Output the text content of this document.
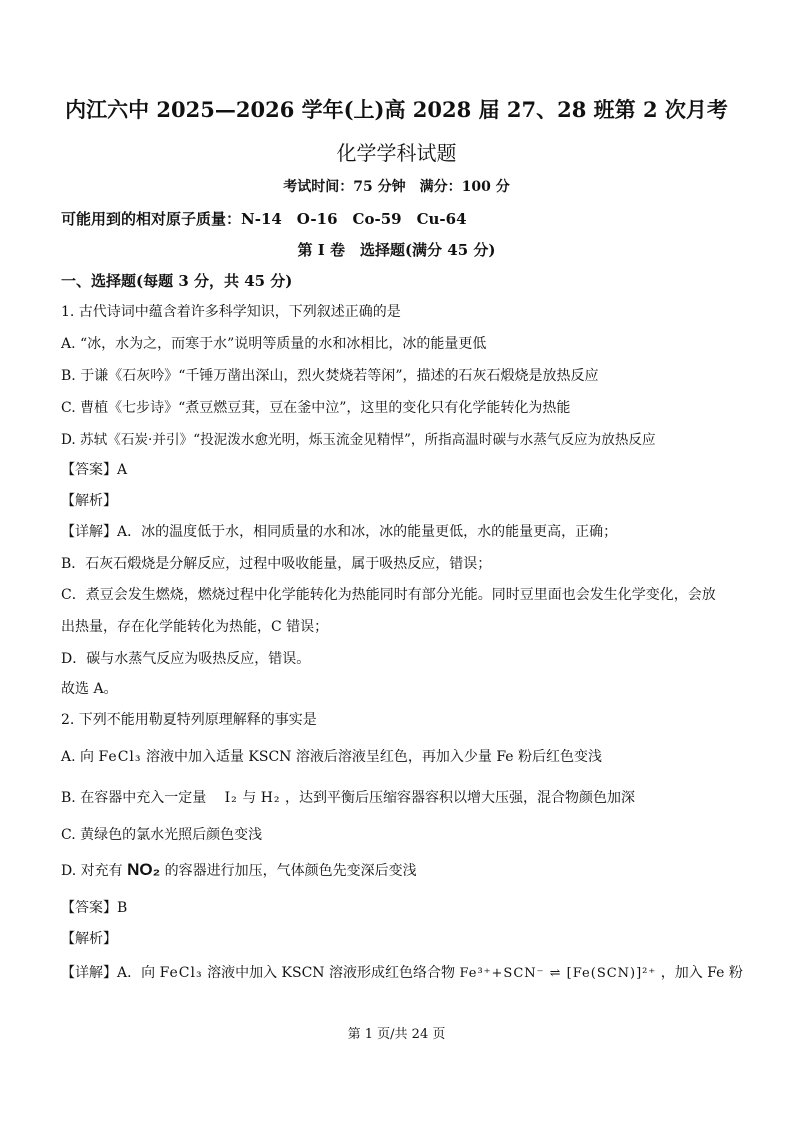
内江六中 2025—2026 学年(上)高 2028 届 27、28 班第 2 次月考
化学学科试题
考试时间：75 分钟　满分：100 分
可能用到的相对原子质量：N-14　O-16　Co-59　Cu-64
第 I 卷　选择题(满分 45 分)
一、选择题(每题 3 分，共 45 分)
1. 古代诗词中蕴含着许多科学知识，下列叙述正确的是
A. “冰，水为之，而寒于水”说明等质量的水和冰相比，冰的能量更低
B. 于谦《石灰吟》“千锤万凿出深山，烈火焚烧若等闲”，描述的石灰石煅烧是放热反应
C. 曹植《七步诗》“煮豆燃豆萁，豆在釜中泣”，这里的变化只有化学能转化为热能
D. 苏轼《石炭·并引》“投泥泼水愈光明，烁玉流金见精悍”，所指高温时碳与水蒸气反应为放热反应
【答案】A
【解析】
【详解】A．冰的温度低于水，相同质量的水和冰，冰的能量更低，水的能量更高，正确；
B．石灰石煅烧是分解反应，过程中吸收能量，属于吸热反应，错误；
C．煮豆会发生燃烧，燃烧过程中化学能转化为热能同时有部分光能。同时豆里面也会发生化学变化，会放
出热量，存在化学能转化为热能，C 错误；
D．碳与水蒸气反应为吸热反应，错误。
故选 A。
2. 下列不能用勒夏特列原理解释的事实是
A. 向 FeCl₃ 溶液中加入适量 KSCN 溶液后溶液呈红色，再加入少量 Fe 粉后红色变浅
B. 在容器中充入一定量 I₂ 与 H₂ ，达到平衡后压缩容器容积以增大压强，混合物颜色加深
C. 黄绿色的氯水光照后颜色变浅
D. 对充有 NO₂ 的容器进行加压，气体颜色先变深后变浅
【答案】B
【解析】
【详解】A．向 FeCl₃ 溶液中加入 KSCN 溶液形成红色络合物 Fe³⁺+SCN⁻ ⇌ [Fe(SCN)]²⁺ ，加入 Fe 粉
第 1 页/共 24 页
